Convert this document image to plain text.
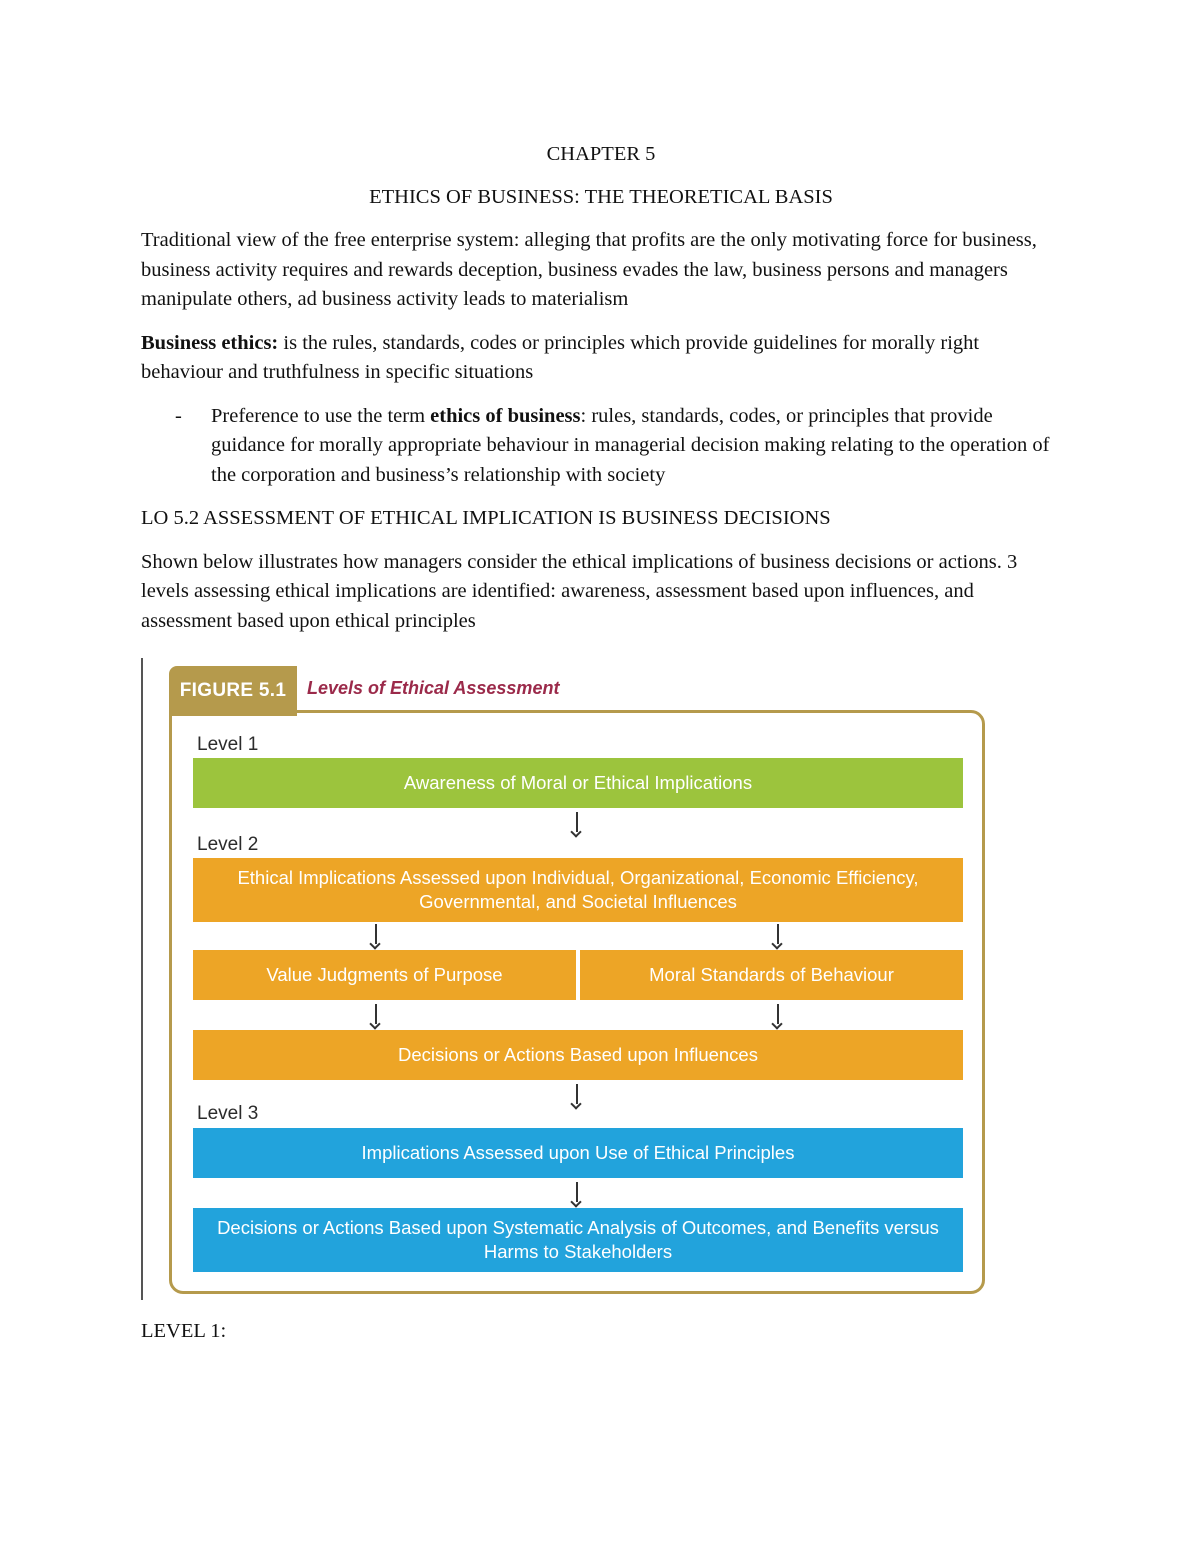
CHAPTER 5

ETHICS OF BUSINESS: THE THEORETICAL BASIS

Traditional view of the free enterprise system: alleging that profits are the only motivating force for business, business activity requires and rewards deception, business evades the law, business persons and managers manipulate others, ad business activity leads to materialism

Business ethics: is the rules, standards, codes or principles which provide guidelines for morally right behaviour and truthfulness in specific situations

-	Preference to use the term ethics of business: rules, standards, codes, or principles that provide guidance for morally appropriate behaviour in managerial decision making relating to the operation of the corporation and business’s relationship with society

LO 5.2 ASSESSMENT OF ETHICAL IMPLICATION IS BUSINESS DECISIONS

Shown below illustrates how managers consider the ethical implications of business decisions or actions. 3 levels assessing ethical implications are identified: awareness, assessment based upon influences, and assessment based upon ethical principles

FIGURE 5.1	Levels of Ethical Assessment
Level 1
Awareness of Moral or Ethical Implications
Level 2
Ethical Implications Assessed upon Individual, Organizational, Economic Efficiency, Governmental, and Societal Influences
Value Judgments of Purpose	Moral Standards of Behaviour
Decisions or Actions Based upon Influences
Level 3
Implications Assessed upon Use of Ethical Principles
Decisions or Actions Based upon Systematic Analysis of Outcomes, and Benefits versus Harms to Stakeholders
LEVEL 1:
